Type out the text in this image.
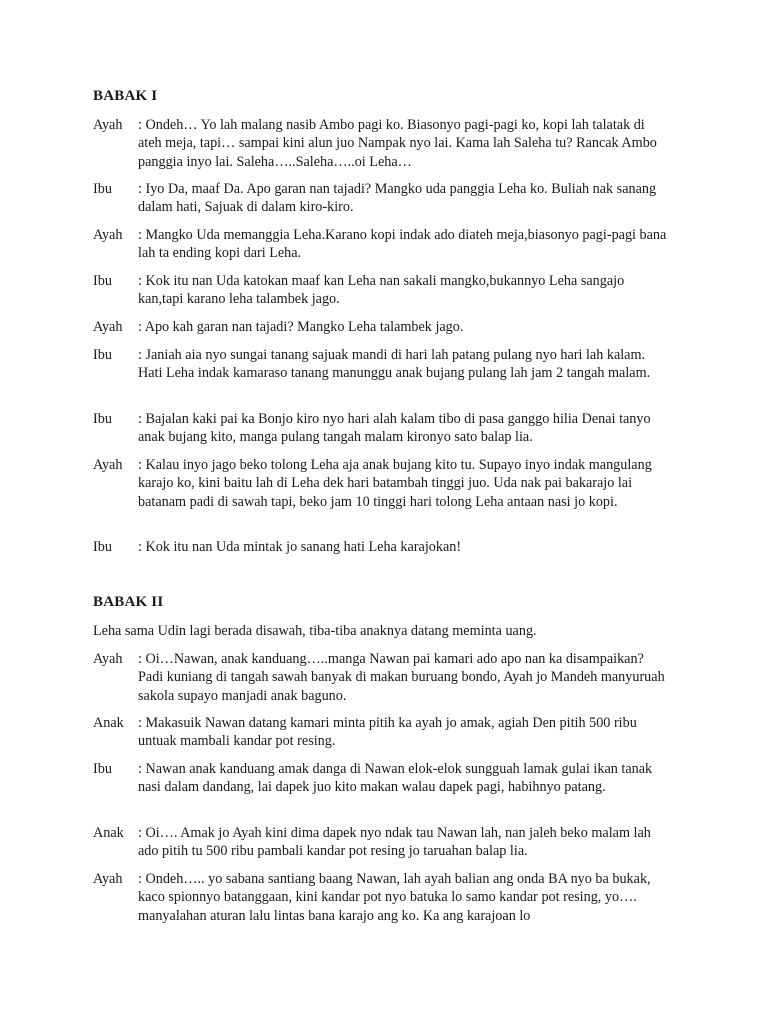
BABAK I
Ayah	: Ondeh… Yo lah malang nasib Ambo pagi ko. Biasonyo pagi-pagi ko, kopi lah talatak di ateh meja, tapi… sampai kini alun juo Nampak nyo lai. Kama lah Saleha tu? Rancak Ambo panggia inyo lai. Saleha…..Saleha…..oi Leha…
Ibu	: Iyo Da, maaf Da. Apo garan nan tajadi? Mangko uda panggia Leha ko. Buliah nak sanang dalam hati, Sajuak di dalam kiro-kiro.
Ayah	: Mangko Uda memanggia Leha.Karano kopi indak ado diateh meja,biasonyo pagi-pagi bana lah ta ending kopi dari Leha.
Ibu	: Kok itu nan Uda katokan maaf kan Leha nan sakali mangko,bukannyo Leha sangajo kan,tapi karano leha talambek jago.
Ayah	: Apo kah garan nan tajadi? Mangko Leha talambek jago.
Ibu	: Janiah aia nyo sungai tanang sajuak mandi di hari lah patang pulang nyo hari lah kalam. Hati Leha indak kamaraso tanang manunggu anak bujang pulang lah jam 2 tangah malam.
Ibu	: Bajalan kaki pai ka Bonjo kiro nyo hari alah kalam tibo di pasa ganggo hilia Denai tanyo anak bujang kito, manga pulang tangah malam kironyo sato balap lia.
Ayah	: Kalau inyo jago beko tolong Leha aja anak bujang kito tu. Supayo inyo indak mangulang karajo ko, kini baitu lah di Leha dek hari batambah tinggi juo. Uda nak pai bakarajo lai batanam padi di sawah tapi, beko jam 10 tinggi hari tolong Leha antaan nasi jo kopi.
Ibu	: Kok itu nan Uda mintak jo sanang hati Leha karajokan!
BABAK II
Leha sama Udin lagi berada disawah, tiba-tiba anaknya datang meminta uang.
Ayah	: Oi…Nawan, anak kanduang…..manga Nawan pai kamari ado apo nan ka disampaikan? Padi kuniang di tangah sawah banyak di makan buruang bondo, Ayah jo Mandeh manyuruah sakola supayo manjadi anak baguno.
Anak	: Makasuik Nawan datang kamari minta pitih ka ayah jo amak, agiah Den pitih 500 ribu untuak mambali kandar pot resing.
Ibu	: Nawan anak kanduang amak danga di Nawan elok-elok sungguah lamak gulai ikan tanak nasi dalam dandang, lai dapek juo kito makan walau dapek pagi, habihnyo patang.
Anak	: Oi…. Amak jo Ayah kini dima dapek nyo ndak tau Nawan lah, nan jaleh beko malam lah ado pitih tu 500 ribu pambali kandar pot resing jo taruahan balap lia.
Ayah	: Ondeh….. yo sabana santiang baang Nawan, lah ayah balian ang onda BA nyo ba bukak, kaco spionnyo batanggaan, kini kandar pot nyo batuka lo samo kandar pot resing, yo…. manyalahan aturan lalu lintas bana karajo ang ko. Ka ang karajoan lo
